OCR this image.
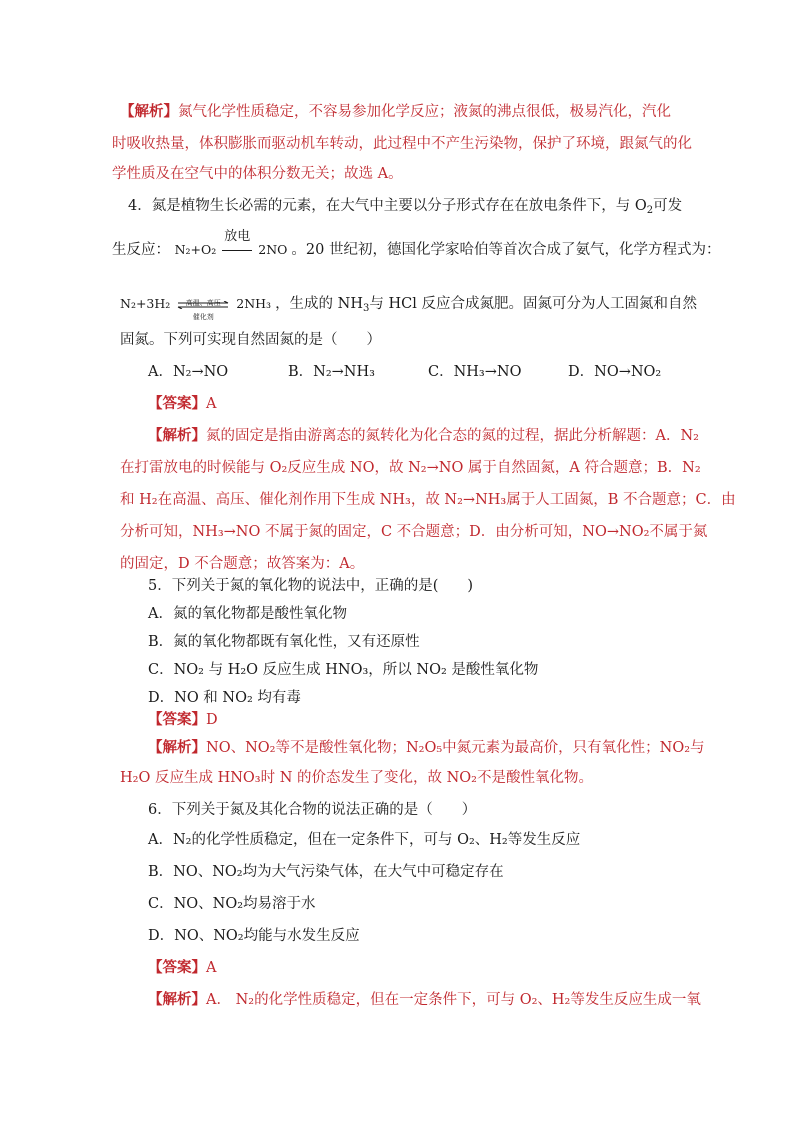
【解析】氮气化学性质稳定，不容易参加化学反应；液氮的沸点很低，极易汽化，汽化
时吸收热量，体积膨胀而驱动机车转动，此过程中不产生污染物，保护了环境，跟氮气的化
学性质及在空气中的体积分数无关；故选 A。
4．氮是植物生长必需的元素，在大气中主要以分子形式存在在放电条件下，与 $O_2$可发
生反应： N₂+O₂
放电
2NO 。20 世纪初，德国化学家哈伯等首次合成了氨气，化学方程式为：
N₂+3H₂	高温、高压
催化剂
2NH₃ ，生成的 $NH_3$与 HCl 反应合成氮肥。固氮可分为人工固氮和自然
固氮。下列可实现自然固氮的是（　　）
A．N₂→NO	B．N₂→NH₃	C．NH₃→NO	D．NO→NO₂
【答案】A
【解析】氮的固定是指由游离态的氮转化为化合态的氮的过程，据此分析解题：A．N₂
在打雷放电的时候能与 O₂反应生成 NO，故 N₂→NO 属于自然固氮，A 符合题意；B．N₂
和 H₂在高温、高压、催化剂作用下生成 NH₃，故 N₂→NH₃属于人工固氮，B 不合题意；C．由
分析可知，NH₃→NO 不属于氮的固定，C 不合题意；D．由分析可知，NO→NO₂不属于氮
的固定，D 不合题意；故答案为：A。
5．下列关于氮的氧化物的说法中，正确的是(　　)
A．氮的氧化物都是酸性氧化物
B．氮的氧化物都既有氧化性，又有还原性
C．NO₂ 与 H₂O 反应生成 HNO₃，所以 NO₂ 是酸性氧化物
D．NO 和 NO₂ 均有毒
【答案】D
【解析】NO、NO₂等不是酸性氧化物；N₂O₅中氮元素为最高价，只有氧化性；NO₂与
H₂O 反应生成 HNO₃时 N 的价态发生了变化，故 NO₂不是酸性氧化物。
6．下列关于氮及其化合物的说法正确的是（　　）
A．N₂的化学性质稳定，但在一定条件下，可与 O₂、H₂等发生反应
B．NO、NO₂均为大气污染气体，在大气中可稳定存在
C．NO、NO₂均易溶于水
D．NO、NO₂均能与水发生反应
【答案】A
【解析】A． N₂的化学性质稳定，但在一定条件下，可与 O₂、H₂等发生反应生成一氧
